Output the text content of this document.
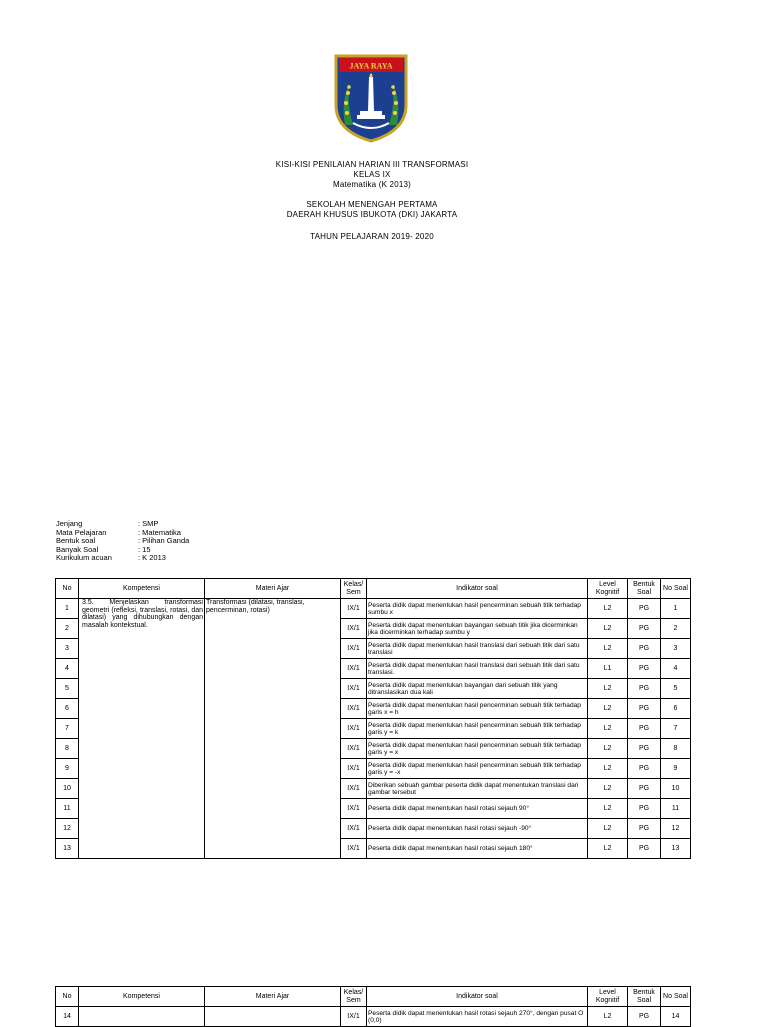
JAYA RAYA
KISI-KISI PENILAIAN HARIAN III TRANSFORMASI
KELAS IX
Matematika (K 2013)
SEKOLAH MENENGAH PERTAMA
DAERAH KHUSUS IBUKOTA (DKI) JAKARTA
TAHUN PELAJARAN 2019- 2020
Jenjang	: SMP
Mata Pelajaran	: Matematika
Bentuk soal	: Pilihan Ganda
Banyak Soal	: 15
Kurikulum acuan	: K 2013
No	Kompetensi	Materi Ajar	Kelas/ Sem	Indikator soal	Level Kognitif	Bentuk Soal	No Soal
1	3.5. Menjelaskan transformasi geometri (refleksi, translasi, rotasi, dan dilatasi) yang dihubungkan dengan masalah kontekstual.	Transformasi (dilatasi, translasi, pencerminan, rotasi)	IX/1	Peserta didik dapat menentukan hasil pencerminan sebuah titik terhadap sumbu x	L2	PG	1
2			IX/1	Peserta didik dapat menentukan bayangan sebuah titik jika dicerminkan jika dicerminkan terhadap sumbu y	L2	PG	2
3			IX/1	Peserta didik dapat menentukan hasil translasi dari sebuah titik dari satu translasi	L2	PG	3
4			IX/1	Peserta didik dapat menentukan hasil translasi dari sebuah titik dari satu translasi.	L1	PG	4
5			IX/1	Peserta didik dapat menentukan bayangan dari sebuah titik yang ditranslasikan dua kali	L2	PG	5
6			IX/1	Peserta didik dapat menentukan hasil pencerminan sebuah titik terhadap garis x = h	L2	PG	6
7			IX/1	Peserta didik dapat menentukan hasil pencerminan sebuah titik terhadap garis y = k	L2	PG	7
8			IX/1	Peserta didik dapat menentukan hasil pencerminan sebuah titik terhadap garis y = x	L2	PG	8
9			IX/1	Peserta didik dapat menentukan hasil pencerminan sebuah titik terhadap garis y = -x	L2	PG	9
10			IX/1	Diberikan sebuah gambar peserta didik dapat menentukan translasi dari gambar tersebut	L2	PG	10
11			IX/1	Peserta didik dapat menentukan hasil rotasi sejauh 90°	L2	PG	11
12			IX/1	Peserta didik dapat menentukan hasil rotasi sejauh -90°	L2	PG	12
13			IX/1	Peserta didik dapat menentukan hasil rotasi sejauh 180°	L2	PG	13
No	Kompetensi	Materi Ajar	Kelas/ Sem	Indikator soal	Level Kognitif	Bentuk Soal	No Soal
14			IX/1	Peserta didik dapat menentukan hasil rotasi sejauh 270°, dengan pusat O (0,0)	L2	PG	14
